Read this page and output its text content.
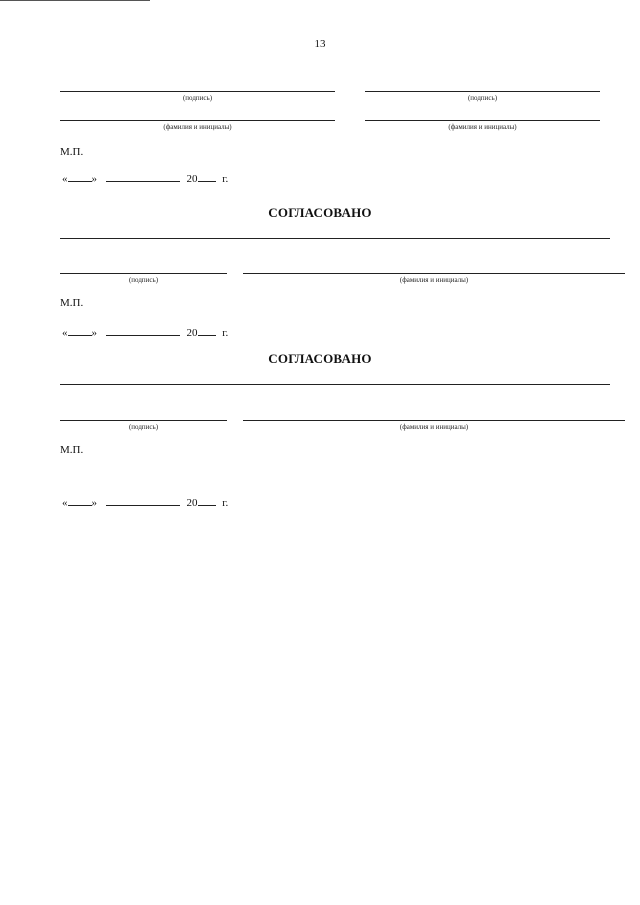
13
(подпись)	(подпись)
(фамилия и инициалы)	(фамилия и инициалы)
М.П.
« »	20 г.
СОГЛАСОВАНО
(подпись)	(фамилия и инициалы)
М.П.
« »	20 г.
СОГЛАСОВАНО
(подпись)	(фамилия и инициалы)
М.П.
« »	20 г.
